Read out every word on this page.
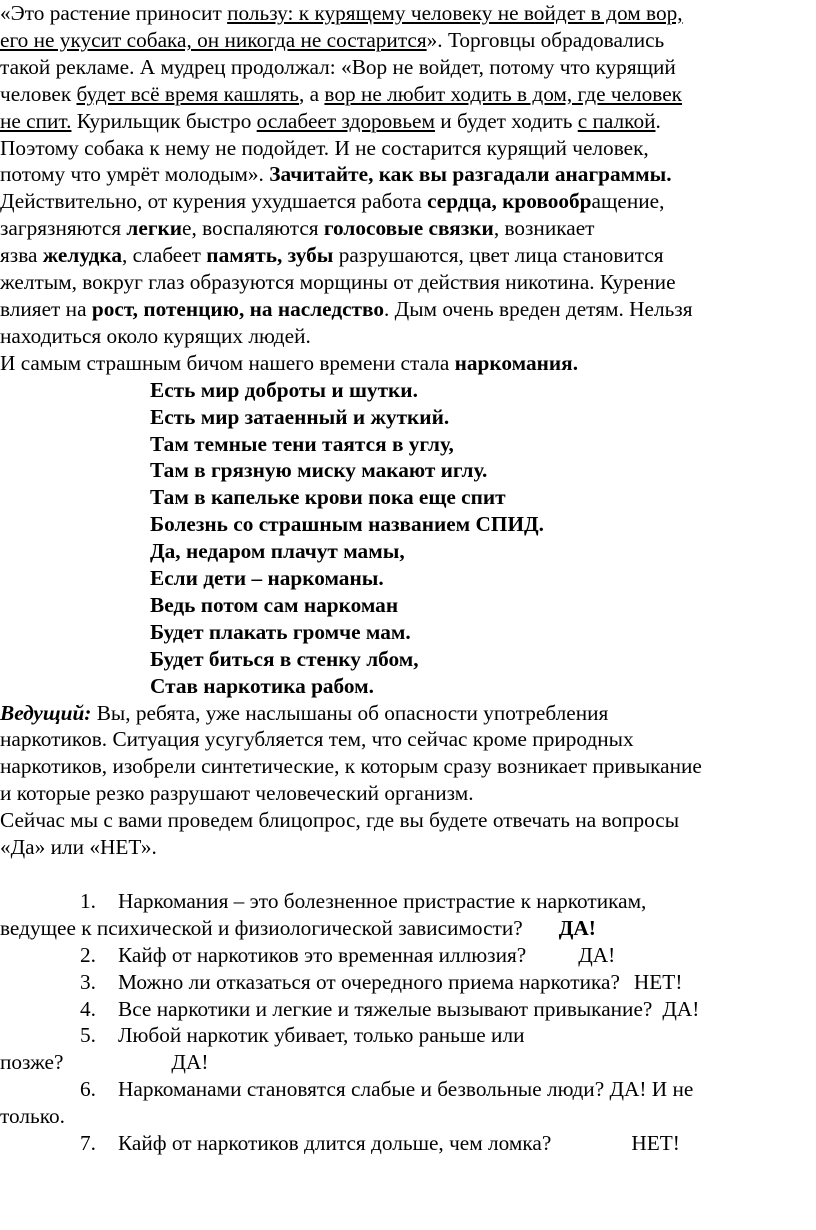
«Это растение приносит пользу: к курящему человеку не войдет в дом вор,
его не укусит собака, он никогда не состарится». Торговцы обрадовались
такой рекламе. А мудрец продолжал: «Вор не войдет, потому что курящий
человек будет всё время кашлять, а вор не любит ходить в дом, где человек
не спит. Курильщик быстро ослабеет здоровьем и будет ходить с палкой.
Поэтому собака к нему не подойдет. И не состарится курящий человек,
потому что умрёт молодым». Зачитайте, как вы разгадали анаграммы.
Действительно, от курения ухудшается работа сердца, кровообращение,
загрязняются легкие, воспаляются голосовые связки, возникает
язва желудка, слабеет память, зубы разрушаются, цвет лица становится
желтым, вокруг глаз образуются морщины от действия никотина. Курение
влияет на рост, потенцию, на наследство. Дым очень вреден детям. Нельзя
находиться около курящих людей.
И самым страшным бичом нашего времени стала наркомания.
Есть мир доброты и шутки.
Есть мир затаенный и жуткий.
Там темные тени таятся в углу,
Там в грязную миску макают иглу.
Там в капельке крови пока еще спит
Болезнь со страшным названием СПИД.
Да, недаром плачут мамы,
Если дети – наркоманы.
Ведь потом сам наркоман
Будет плакать громче мам.
Будет биться в стенку лбом,
Став наркотика рабом.
Ведущий: Вы, ребята, уже наслышаны об опасности употребления
наркотиков. Ситуация усугубляется тем, что сейчас кроме природных
наркотиков, изобрели синтетические, к которым сразу возникает привыкание
и которые резко разрушают человеческий организм.
Сейчас мы с вами проведем блицопрос, где вы будете отвечать на вопросы
«Да» или «НЕТ».
1. Наркомания – это болезненное пристрастие к наркотикам,
ведущее к психической и физиологической зависимости? ДА!
2. Кайф от наркотиков это временная иллюзия? ДА!
3. Можно ли отказаться от очередного приема наркотика? НЕТ!
4. Все наркотики и легкие и тяжелые вызывают привыкание? ДА!
5. Любой наркотик убивает, только раньше или
позже?	ДА!
6. Наркоманами становятся слабые и безвольные люди? ДА! И не
только.
7. Кайф от наркотиков длится дольше, чем ломка?	НЕТ!
